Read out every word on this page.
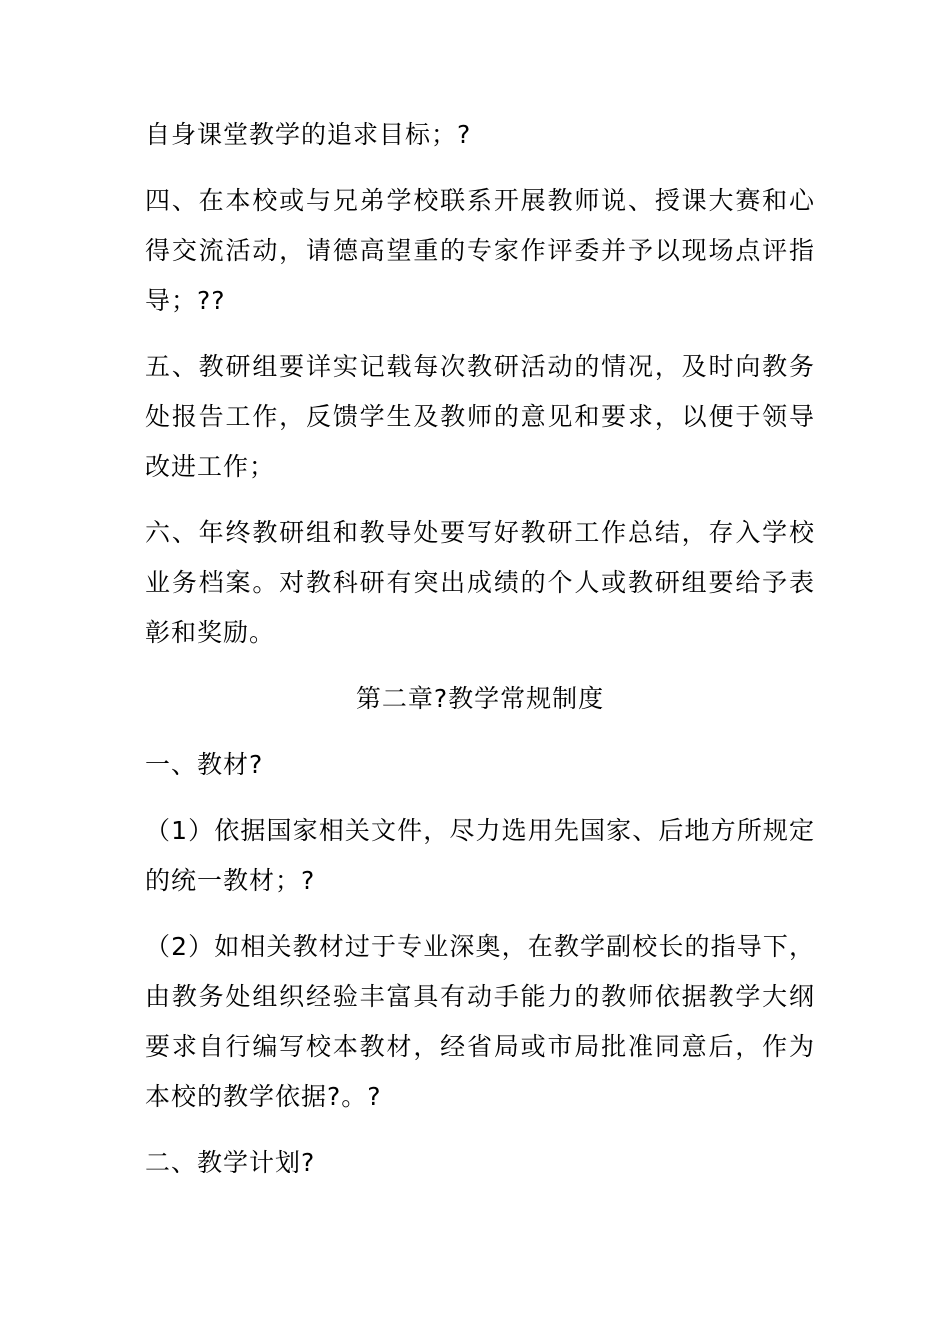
自身课堂教学的追求目标；?

四、在本校或与兄弟学校联系开展教师说、授课大赛和心得交流活动，请德高望重的专家作评委并予以现场点评指导；??

五、教研组要详实记载每次教研活动的情况，及时向教务处报告工作，反馈学生及教师的意见和要求，以便于领导改进工作；

六、年终教研组和教导处要写好教研工作总结，存入学校业务档案。对教科研有突出成绩的个人或教研组要给予表彰和奖励。

第二章?教学常规制度

一、教材?

（1）依据国家相关文件，尽力选用先国家、后地方所规定的统一教材；?

（2）如相关教材过于专业深奥，在教学副校长的指导下，由教务处组织经验丰富具有动手能力的教师依据教学大纲要求自行编写校本教材，经省局或市局批准同意后，作为本校的教学依据?。?

二、教学计划?
